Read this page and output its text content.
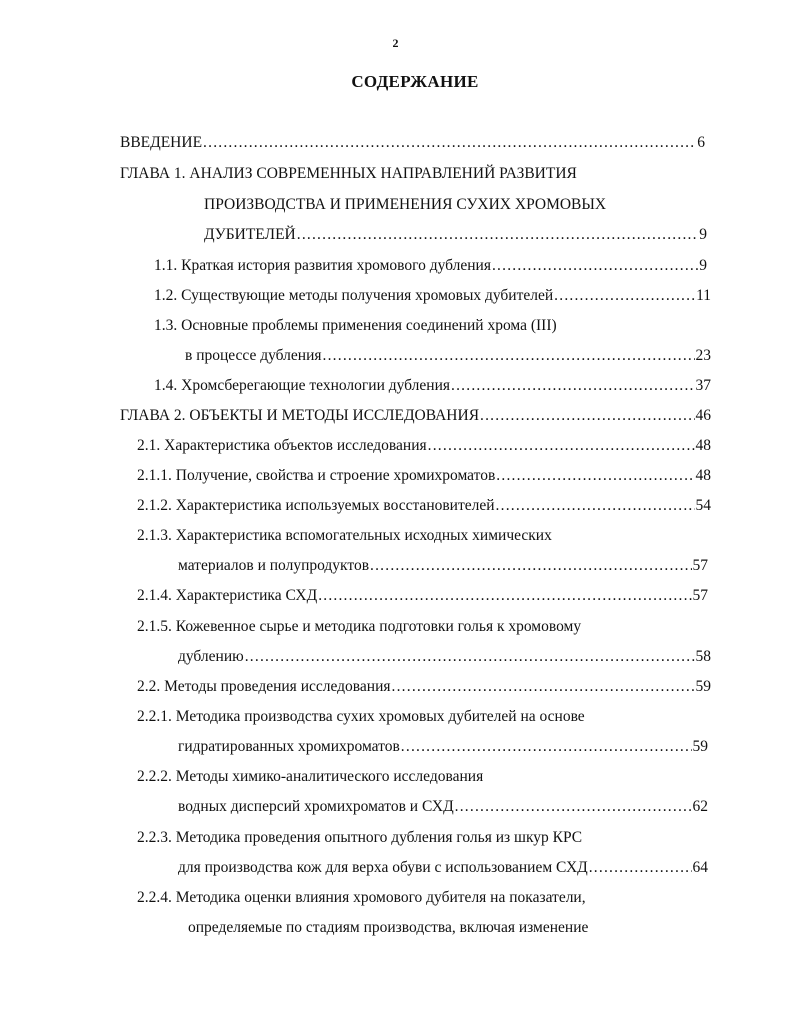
2
СОДЕРЖАНИЕ
ВВЕДЕНИЕ .....	6
ГЛАВА 1. АНАЛИЗ СОВРЕМЕННЫХ НАПРАВЛЕНИЙ РАЗВИТИЯ
ПРОИЗВОДСТВА И ПРИМЕНЕНИЯ СУХИХ ХРОМОВЫХ
ДУБИТЕЛЕЙ .....	9
1.1. Краткая история развития хромового дубления .....	9
1.2. Существующие методы получения хромовых дубителей .....	11
1.3. Основные проблемы применения соединений хрома (III)
в процессе дубления .....	23
1.4. Хромсберегающие технологии дубления .....	37
ГЛАВА 2. ОБЪЕКТЫ И МЕТОДЫ ИССЛЕДОВАНИЯ .....	46
2.1. Характеристика объектов исследования .....	48
2.1.1. Получение, свойства и строение хромихроматов .....	48
2.1.2. Характеристика используемых восстановителей .....	54
2.1.3. Характеристика вспомогательных исходных химических
материалов и полупродуктов .....	57
2.1.4. Характеристика СХД .....	57
2.1.5. Кожевенное сырье и методика подготовки голья к хромовому
дублению .....	58
2.2. Методы проведения исследования .....	59
2.2.1. Методика производства сухих хромовых дубителей на основе
гидратированных хромихроматов .....	59
2.2.2. Методы химико-аналитического исследования
водных дисперсий хромихроматов и СХД .....	62
2.2.3. Методика проведения опытного дубления голья из шкур КРС
для производства кож для верха обуви с использованием СХД .....	64
2.2.4. Методика оценки влияния хромового дубителя на показатели,
определяемые по стадиям производства, включая изменение
